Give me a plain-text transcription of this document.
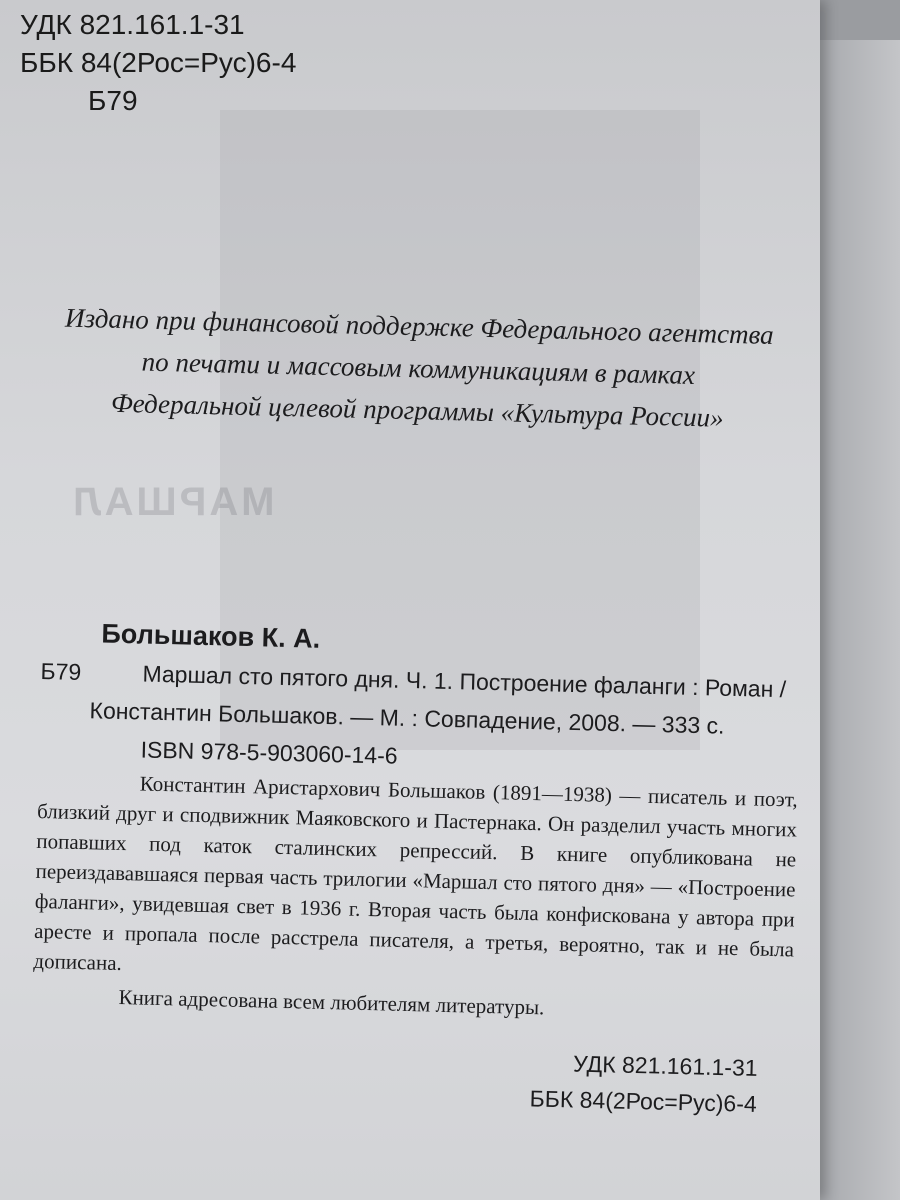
МАРШАЛ
УДК 821.161.1-31
ББК 84(2Рос=Рус)6-4
Б79
Издано при финансовой поддержке Федерального агентства
по печати и массовым коммуникациям в рамках
Федеральной целевой программы «Культура России»
Большаков К. А.
Б79	Маршал сто пятого дня. Ч. 1. Построение фаланги : Роман /
Константин Большаков. — М. : Совпадение, 2008. — 333 с.
ISBN 978-5-903060-14-6

Константин Аристархович Большаков (1891—1938) — писатель и поэт, близкий друг и сподвижник Маяковского и Пастернака. Он разделил участь многих попавших под каток сталинских репрессий. В книге опубликована не переиздававшаяся первая часть трилогии «Маршал сто пятого дня» — «Построение фаланги», увидевшая свет в 1936 г. Вторая часть была конфискована у автора при аресте и пропала после расстрела писателя, а третья, вероятно, так и не была дописана.

Книга адресована всем любителям литературы.

УДК 821.161.1-31
ББК 84(2Рос=Рус)6-4
